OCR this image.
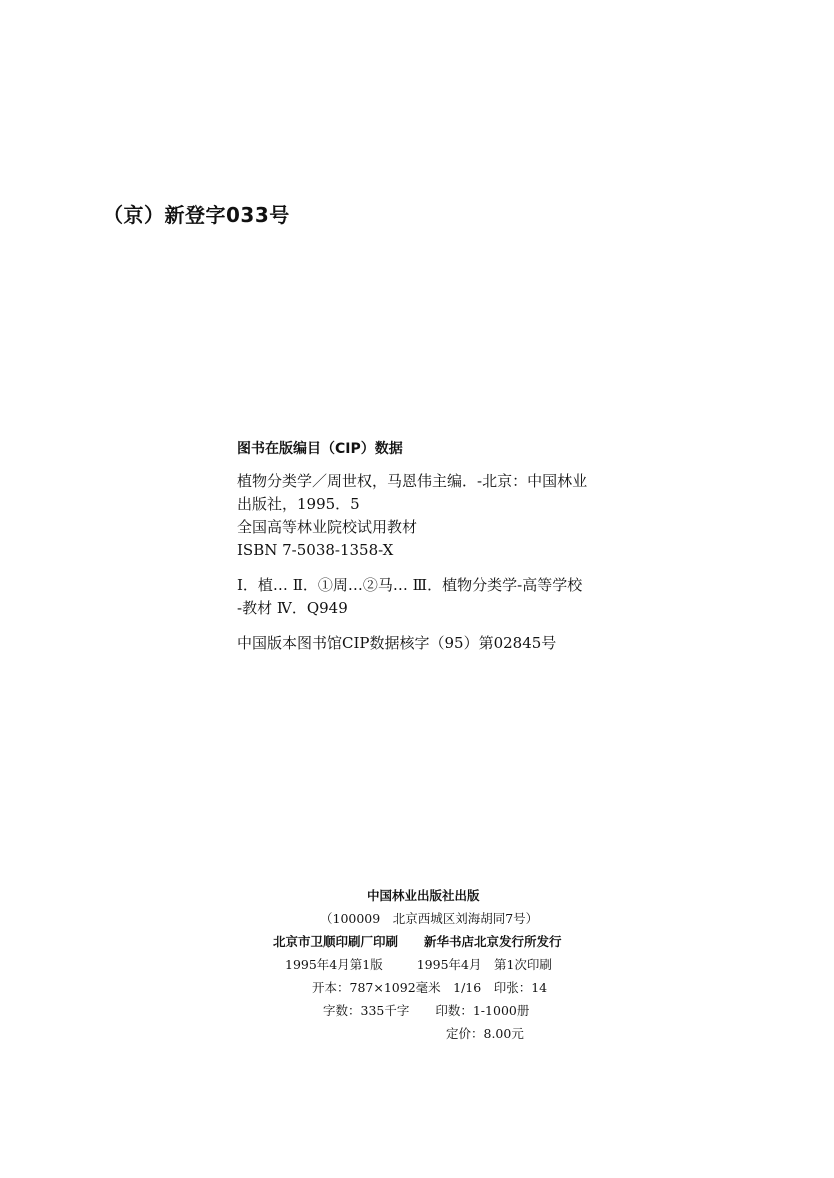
（京）新登字033号
图书在版编目（CIP）数据
植物分类学／周世权，马恩伟主编．-北京：中国林业
出版社，1995．5
全国高等林业院校试用教材
ISBN 7-5038-1358-X
Ⅰ．植… Ⅱ．①周…②马… Ⅲ．植物分类学-高等学校
-教材 Ⅳ．Q949
中国版本图书馆CIP数据核字（95）第02845号
中国林业出版社出版
（100009　北京西城区刘海胡同7号）
北京市卫顺印刷厂印刷 新华书店北京发行所发行
1995年4月第1版	1995年4月　第1次印刷
开本：787×1092毫米　1/16　印张：14
字数：335千字 印数：1-1000册
定价：8.00元
